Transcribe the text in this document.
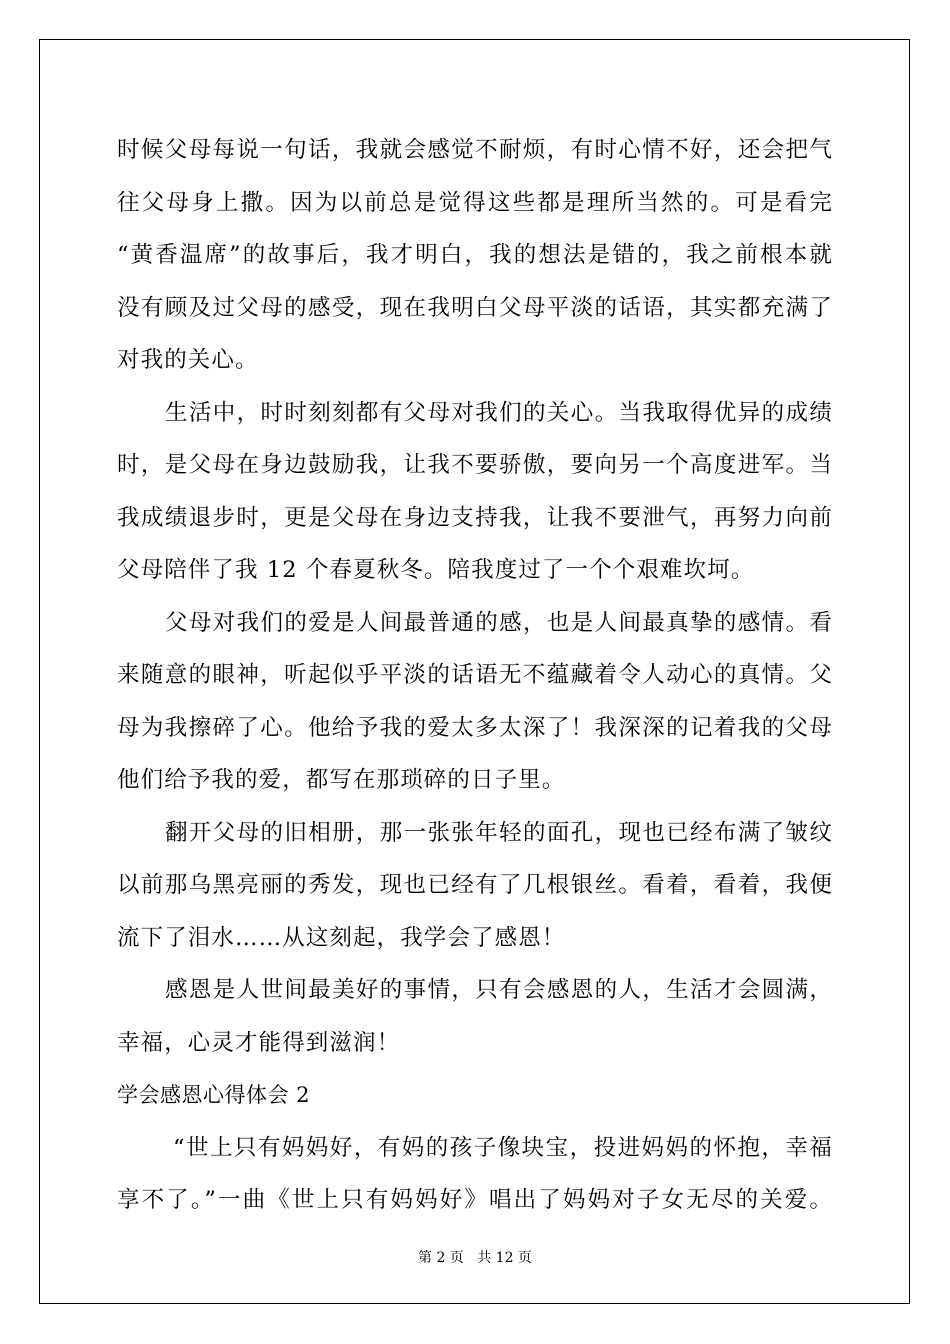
时候父母每说一句话，我就会感觉不耐烦，有时心情不好，还会把气
往父母身上撒。因为以前总是觉得这些都是理所当然的。可是看完
“黄香温席”的故事后，我才明白，我的想法是错的，我之前根本就
没有顾及过父母的感受，现在我明白父母平淡的话语，其实都充满了
对我的关心。
生活中，时时刻刻都有父母对我们的关心。当我取得优异的成绩
时，是父母在身边鼓励我，让我不要骄傲，要向另一个高度进军。当
我成绩退步时，更是父母在身边支持我，让我不要泄气，再努力向前
父母陪伴了我 12 个春夏秋冬。陪我度过了一个个艰难坎坷。
父母对我们的爱是人间最普通的感，也是人间最真挚的感情。看
来随意的眼神，听起似乎平淡的话语无不蕴藏着令人动心的真情。父
母为我擦碎了心。他给予我的爱太多太深了！我深深的记着我的父母
他们给予我的爱，都写在那琐碎的日子里。
翻开父母的旧相册，那一张张年轻的面孔，现也已经布满了皱纹
以前那乌黑亮丽的秀发，现也已经有了几根银丝。看着，看着，我便
流下了泪水……从这刻起，我学会了感恩！
感恩是人世间最美好的事情，只有会感恩的人，生活才会圆满，
幸福，心灵才能得到滋润！
学会感恩心得体会 2
“世上只有妈妈好，有妈的孩子像块宝，投进妈妈的怀抱，幸福
享不了。”一曲《世上只有妈妈好》唱出了妈妈对子女无尽的关爱。
第 2 页 共 12 页
